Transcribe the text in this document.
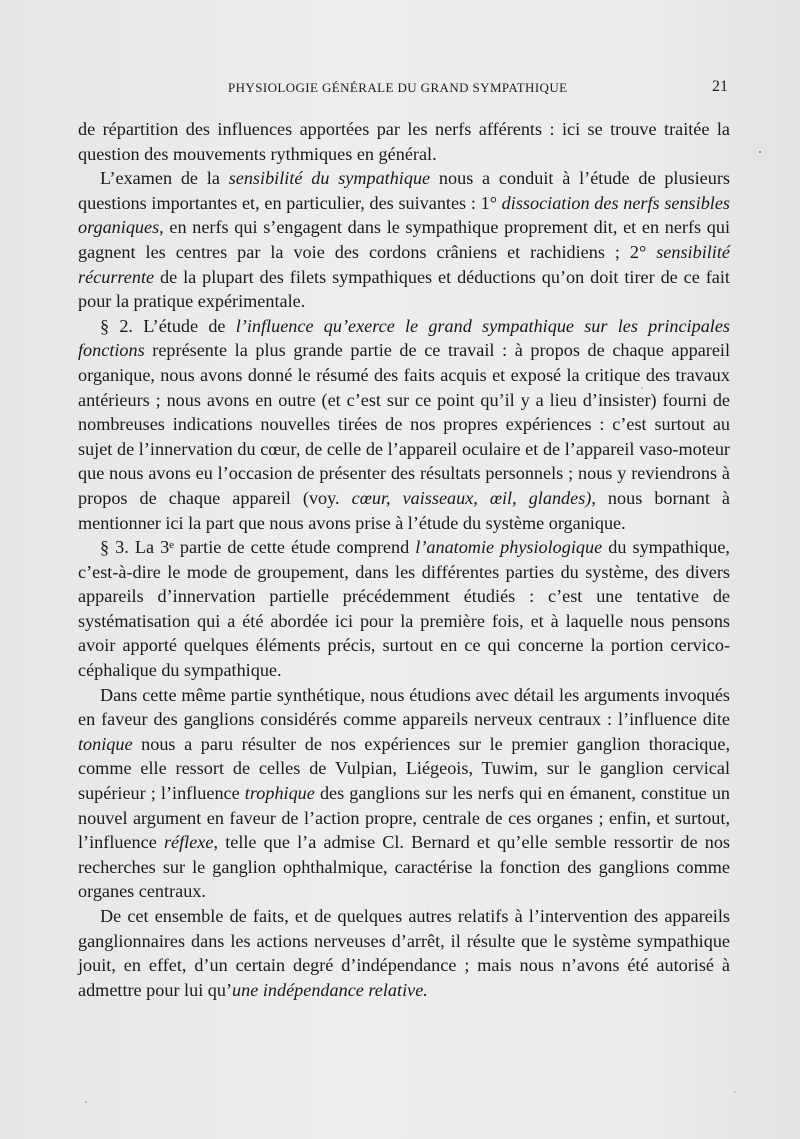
PHYSIOLOGIE GÉNÉRALE DU GRAND SYMPATHIQUE	21

de répartition des influences apportées par les nerfs afférents : ici se trouve traitée la question des mouvements rythmiques en général.

L’examen de la sensibilité du sympathique nous a conduit à l’étude de plusieurs questions importantes et, en particulier, des suivantes : 1° dissociation des nerfs sensibles organiques, en nerfs qui s’engagent dans le sympathique proprement dit, et en nerfs qui gagnent les centres par la voie des cordons crâniens et rachidiens ; 2° sensibilité récurrente de la plupart des filets sympathiques et déductions qu’on doit tirer de ce fait pour la pratique expérimentale.

§ 2. L’étude de l’influence qu’exerce le grand sympathique sur les principales fonctions représente la plus grande partie de ce travail : à propos de chaque appareil organique, nous avons donné le résumé des faits acquis et exposé la critique des travaux antérieurs ; nous avons en outre (et c’est sur ce point qu’il y a lieu d’insister) fourni de nombreuses indications nouvelles tirées de nos propres expériences : c’est surtout au sujet de l’innervation du cœur, de celle de l’appareil oculaire et de l’appareil vaso-moteur que nous avons eu l’occasion de présenter des résultats personnels ; nous y reviendrons à propos de chaque appareil (voy. cœur, vaisseaux, œil, glandes), nous bornant à mentionner ici la part que nous avons prise à l’étude du système organique.

§ 3. La 3ᵉ partie de cette étude comprend l’anatomie physiologique du sympathique, c’est-à-dire le mode de groupement, dans les différentes parties du système, des divers appareils d’innervation partielle précédemment étudiés : c’est une tentative de systématisation qui a été abordée ici pour la première fois, et à laquelle nous pensons avoir apporté quelques éléments précis, surtout en ce qui concerne la portion cervico-céphalique du sympathique.

Dans cette même partie synthétique, nous étudions avec détail les arguments invoqués en faveur des ganglions considérés comme appareils nerveux centraux : l’influence dite tonique nous a paru résulter de nos expériences sur le premier ganglion thoracique, comme elle ressort de celles de Vulpian, Liégeois, Tuwim, sur le ganglion cervical supérieur ; l’influence trophique des ganglions sur les nerfs qui en émanent, constitue un nouvel argument en faveur de l’action propre, centrale de ces organes ; enfin, et surtout, l’influence réflexe, telle que l’a admise Cl. Bernard et qu’elle semble ressortir de nos recherches sur le ganglion ophthalmique, caractérise la fonction des ganglions comme organes centraux.

De cet ensemble de faits, et de quelques autres relatifs à l’intervention des appareils ganglionnaires dans les actions nerveuses d’arrêt, il résulte que le système sympathique jouit, en effet, d’un certain degré d’indépendance ; mais nous n’avons été autorisé à admettre pour lui qu’une indépendance relative.
